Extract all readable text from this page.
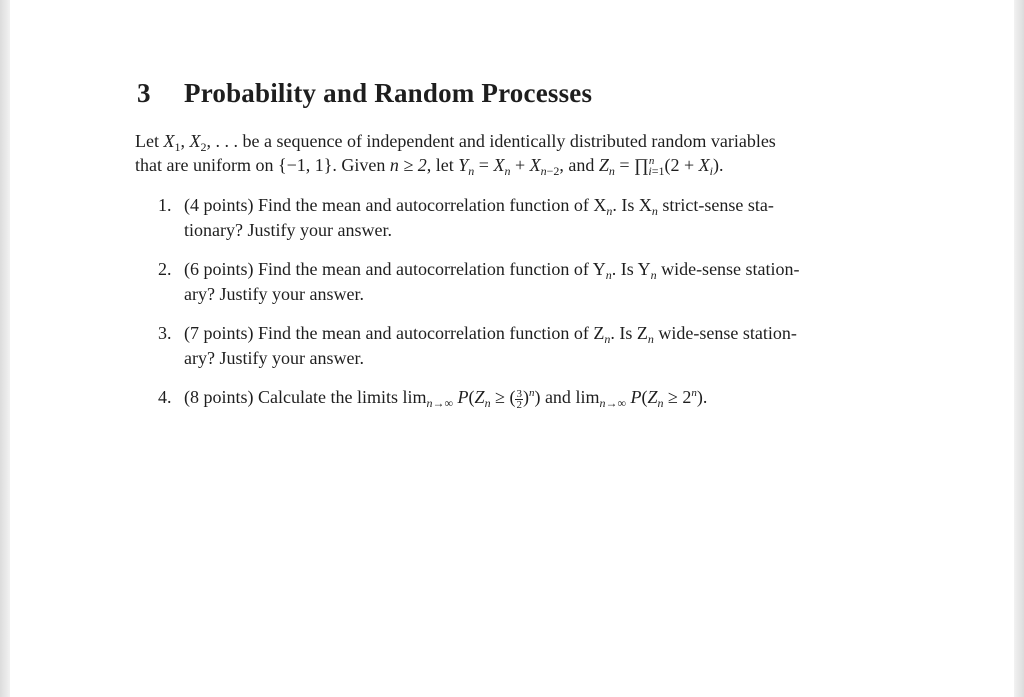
3 Probability and Random Processes
Let $X_1$, $X_2$, . . . be a sequence of independent and identically distributed random variables
that are uniform on {−1, 1}. Given n ≥ 2, let $Y_n = X_n + X_{n-2}$, and $Z_n$ = ∏$^n_{i=1}$(2 + $X_i$).
1. (4 points) Find the mean and autocorrelation function of $X_n$. Is $X_n$ strict-sense sta-
tionary? Justify your answer.
2. (6 points) Find the mean and autocorrelation function of $Y_n$. Is $Y_n$ wide-sense station-
ary? Justify your answer.
3. (7 points) Find the mean and autocorrelation function of $Z_n$. Is $Z_n$ wide-sense station-
ary? Justify your answer.
4. (8 points) Calculate the limits $\lim_{n\to\infty} P(Z_n$ ≥ ( $\frac{3}{2} )^n$) and $\lim_{n\to\infty} P(Z_n \ge 2^n)$.
